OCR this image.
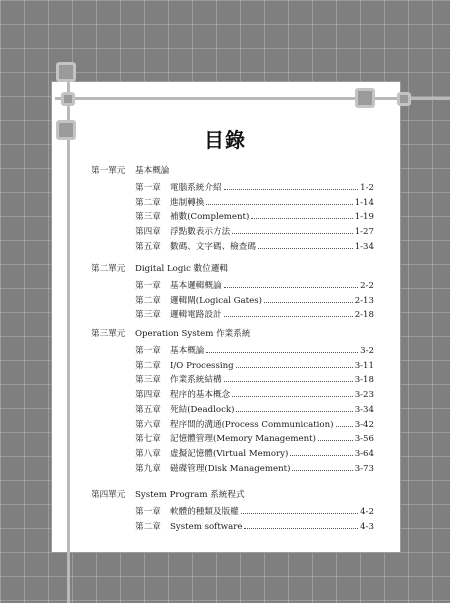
目錄
第一單元 基本概論
第一章	電腦系統介紹	1-2
第二章	進制轉換	1-14
第三章	補數(Complement)	1-19
第四章	浮點數表示方法	1-27
第五章	數碼、文字碼、檢查碼	1-34
第二單元 Digital Logic 數位邏輯
第一章	基本邏輯概論	2-2
第二章	邏輯閘(Logical Gates)	2-13
第三章	邏輯電路設計	2-18
第三單元 Operation System 作業系統
第一章	基本概論	3-2
第二章	I/O Processing	3-11
第三章	作業系統結構	3-18
第四章	程序的基本概念	3-23
第五章	死結(Deadlock)	3-34
第六章	程序間的溝通(Process Communication) 3-42
第七章	記憶體管理(Memory Management)	3-56
第八章	虛擬記憶體(Virtual Memory)	3-64
第九章	磁碟管理(Disk Management)	3-73
第四單元 System Program 系統程式
第一章	軟體的種類及版權	4-2
第二章	System software	4-3
